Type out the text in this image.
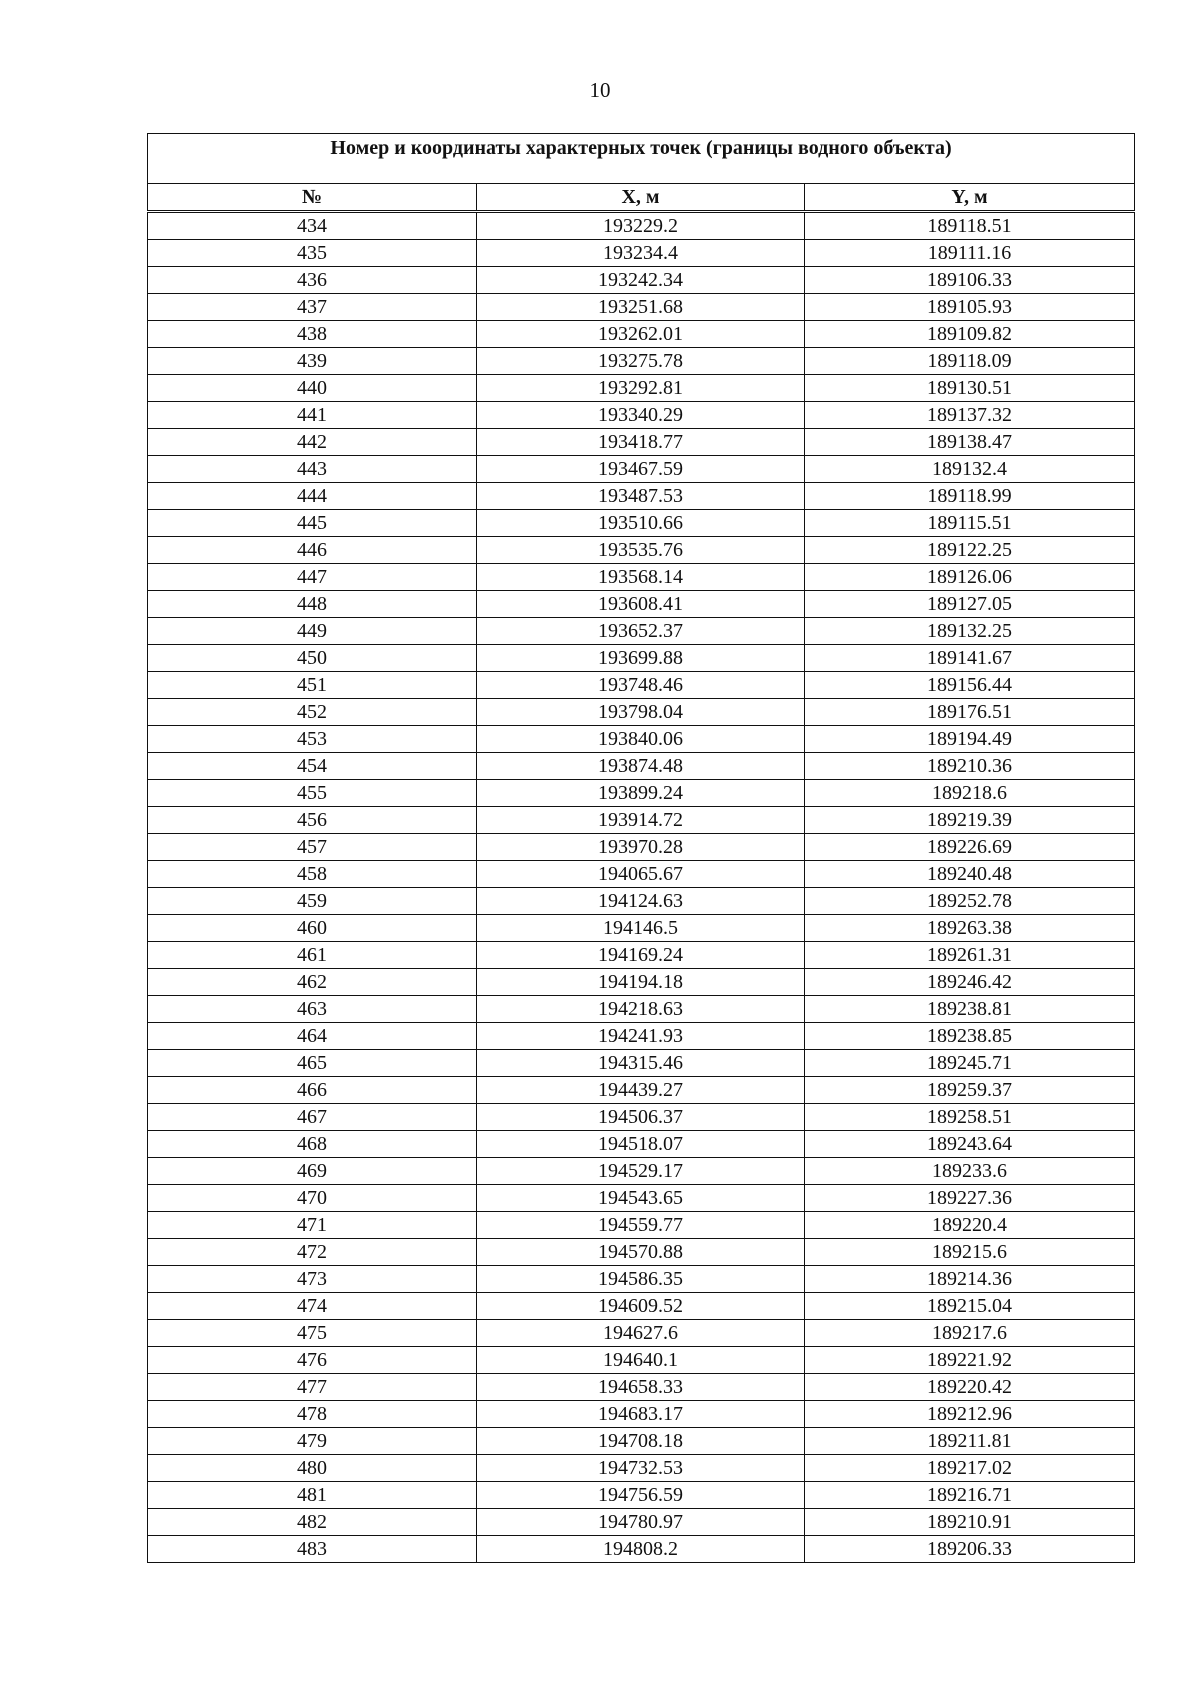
10
Номер и координаты характерных точек (границы водного объекта)		
№	X, м	Y, м
434	193229.2	189118.51
435	193234.4	189111.16
436	193242.34	189106.33
437	193251.68	189105.93
438	193262.01	189109.82
439	193275.78	189118.09
440	193292.81	189130.51
441	193340.29	189137.32
442	193418.77	189138.47
443	193467.59	189132.4
444	193487.53	189118.99
445	193510.66	189115.51
446	193535.76	189122.25
447	193568.14	189126.06
448	193608.41	189127.05
449	193652.37	189132.25
450	193699.88	189141.67
451	193748.46	189156.44
452	193798.04	189176.51
453	193840.06	189194.49
454	193874.48	189210.36
455	193899.24	189218.6
456	193914.72	189219.39
457	193970.28	189226.69
458	194065.67	189240.48
459	194124.63	189252.78
460	194146.5	189263.38
461	194169.24	189261.31
462	194194.18	189246.42
463	194218.63	189238.81
464	194241.93	189238.85
465	194315.46	189245.71
466	194439.27	189259.37
467	194506.37	189258.51
468	194518.07	189243.64
469	194529.17	189233.6
470	194543.65	189227.36
471	194559.77	189220.4
472	194570.88	189215.6
473	194586.35	189214.36
474	194609.52	189215.04
475	194627.6	189217.6
476	194640.1	189221.92
477	194658.33	189220.42
478	194683.17	189212.96
479	194708.18	189211.81
480	194732.53	189217.02
481	194756.59	189216.71
482	194780.97	189210.91
483	194808.2	189206.33
